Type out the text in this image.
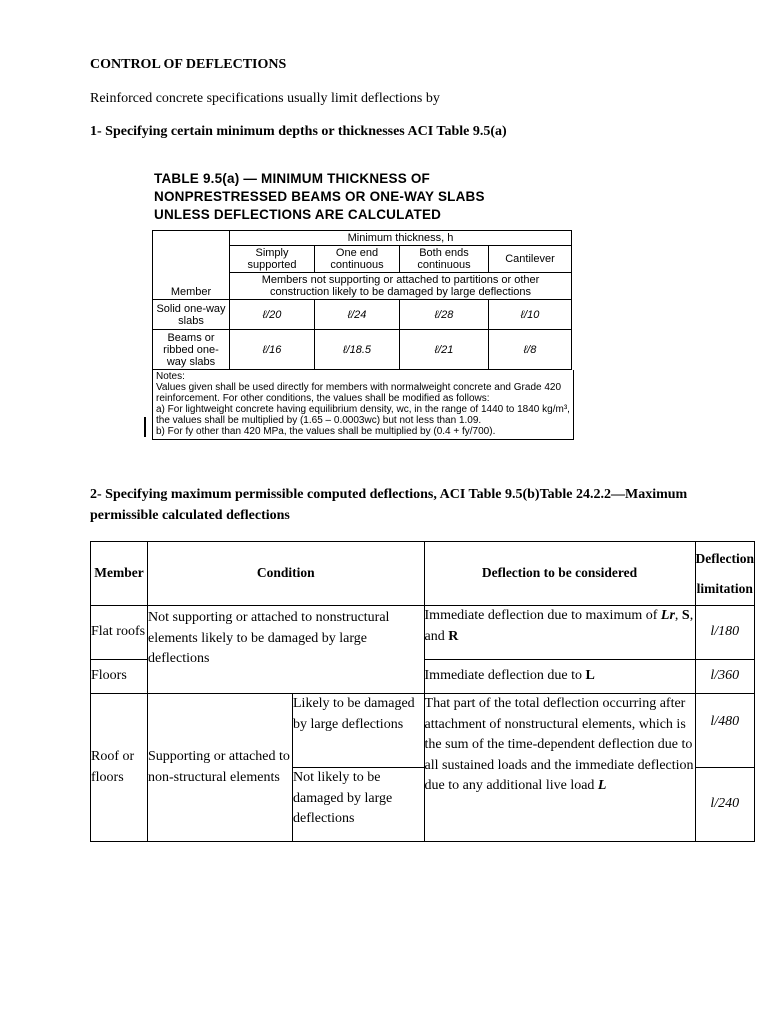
CONTROL OF DEFLECTIONS
Reinforced concrete specifications usually limit deflections by
1- Specifying certain minimum depths or thicknesses ACI Table 9.5(a)
TABLE 9.5(a) — MINIMUM THICKNESS OF
NONPRESTRESSED BEAMS OR ONE-WAY SLABS
UNLESS DEFLECTIONS ARE CALCULATED
Member	Minimum thickness, h			
	Simply supported	One end continuous	Both ends continuous	Cantilever
	Members not supporting or attached to partitions or other construction likely to be damaged by large deflections			
Solid one-way slabs	ℓ/20	ℓ/24	ℓ/28	ℓ/10
Beams or ribbed one-way slabs	ℓ/16	ℓ/18.5	ℓ/21	ℓ/8
Notes:
Values given shall be used directly for members with normalweight concrete and Grade 420 reinforcement. For other conditions, the values shall be modified as follows:
a) For lightweight concrete having equilibrium density, wc, in the range of 1440 to 1840 kg/m³, the values shall be multiplied by (1.65 – 0.0003wc) but not less than 1.09.
b) For fy other than 420 MPa, the values shall be multiplied by (0.4 + fy/700).
2- Specifying maximum permissible computed deflections, ACI Table 9.5(b)Table 24.2.2—Maximum
permissible calculated deflections
Member	Condition		Deflection to be considered	Deflection
limitation

Flat roofs	Not supporting or attached to nonstructural elements likely to be damaged by large deflections		Immediate deflection due to maximum of Lr, S, and R	l/180
Floors			Immediate deflection due to L	l/360
Roof or floors	Supporting or attached to non-structural elements	Likely to be damaged by large deflections	That part of the total deflection occurring after attachment of nonstructural elements, which is the sum of the time-dependent deflection due to all sustained loads and the immediate deflection due to any additional live load L	l/480
		Not likely to be damaged by large deflections		l/240
